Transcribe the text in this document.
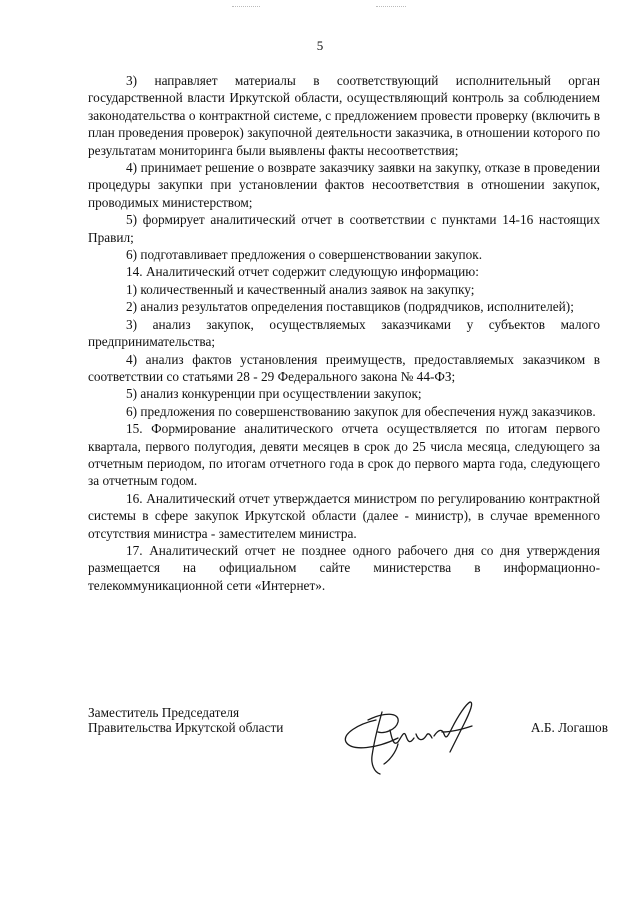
5

3) направляет материалы в соответствующий исполнительный орган государственной власти Иркутской области, осуществляющий контроль за соблюдением законодательства о контрактной системе, с предложением провести проверку (включить в план проведения проверок) закупочной деятельности заказчика, в отношении которого по результатам мониторинга были выявлены факты несоответствия;

4) принимает решение о возврате заказчику заявки на закупку, отказе в проведении процедуры закупки при установлении фактов несоответствия в отношении закупок, проводимых министерством;

5) формирует аналитический отчет в соответствии с пунктами 14-16 настоящих Правил;

6) подготавливает предложения о совершенствовании закупок.

14. Аналитический отчет содержит следующую информацию:

1) количественный и качественный анализ заявок на закупку;

2) анализ результатов определения поставщиков (подрядчиков, исполнителей);

3) анализ закупок, осуществляемых заказчиками у субъектов малого предпринимательства;

4) анализ фактов установления преимуществ, предоставляемых заказчиком в соответствии со статьями 28 - 29 Федерального закона № 44-ФЗ;

5) анализ конкуренции при осуществлении закупок;

6) предложения по совершенствованию закупок для обеспечения нужд заказчиков.

15. Формирование аналитического отчета осуществляется по итогам первого квартала, первого полугодия, девяти месяцев в срок до 25 числа месяца, следующего за отчетным периодом, по итогам отчетного года в срок до первого марта года, следующего за отчетным годом.

16. Аналитический отчет утверждается министром по регулированию контрактной системы в сфере закупок Иркутской области (далее - министр), в случае временного отсутствия министра - заместителем министра.

17. Аналитический отчет не позднее одного рабочего дня со дня утверждения размещается на официальном сайте министерства в информационно-телекоммуникационной сети «Интернет».

Заместитель Председателя
Правительства Иркутской области	А.Б. Логашов
